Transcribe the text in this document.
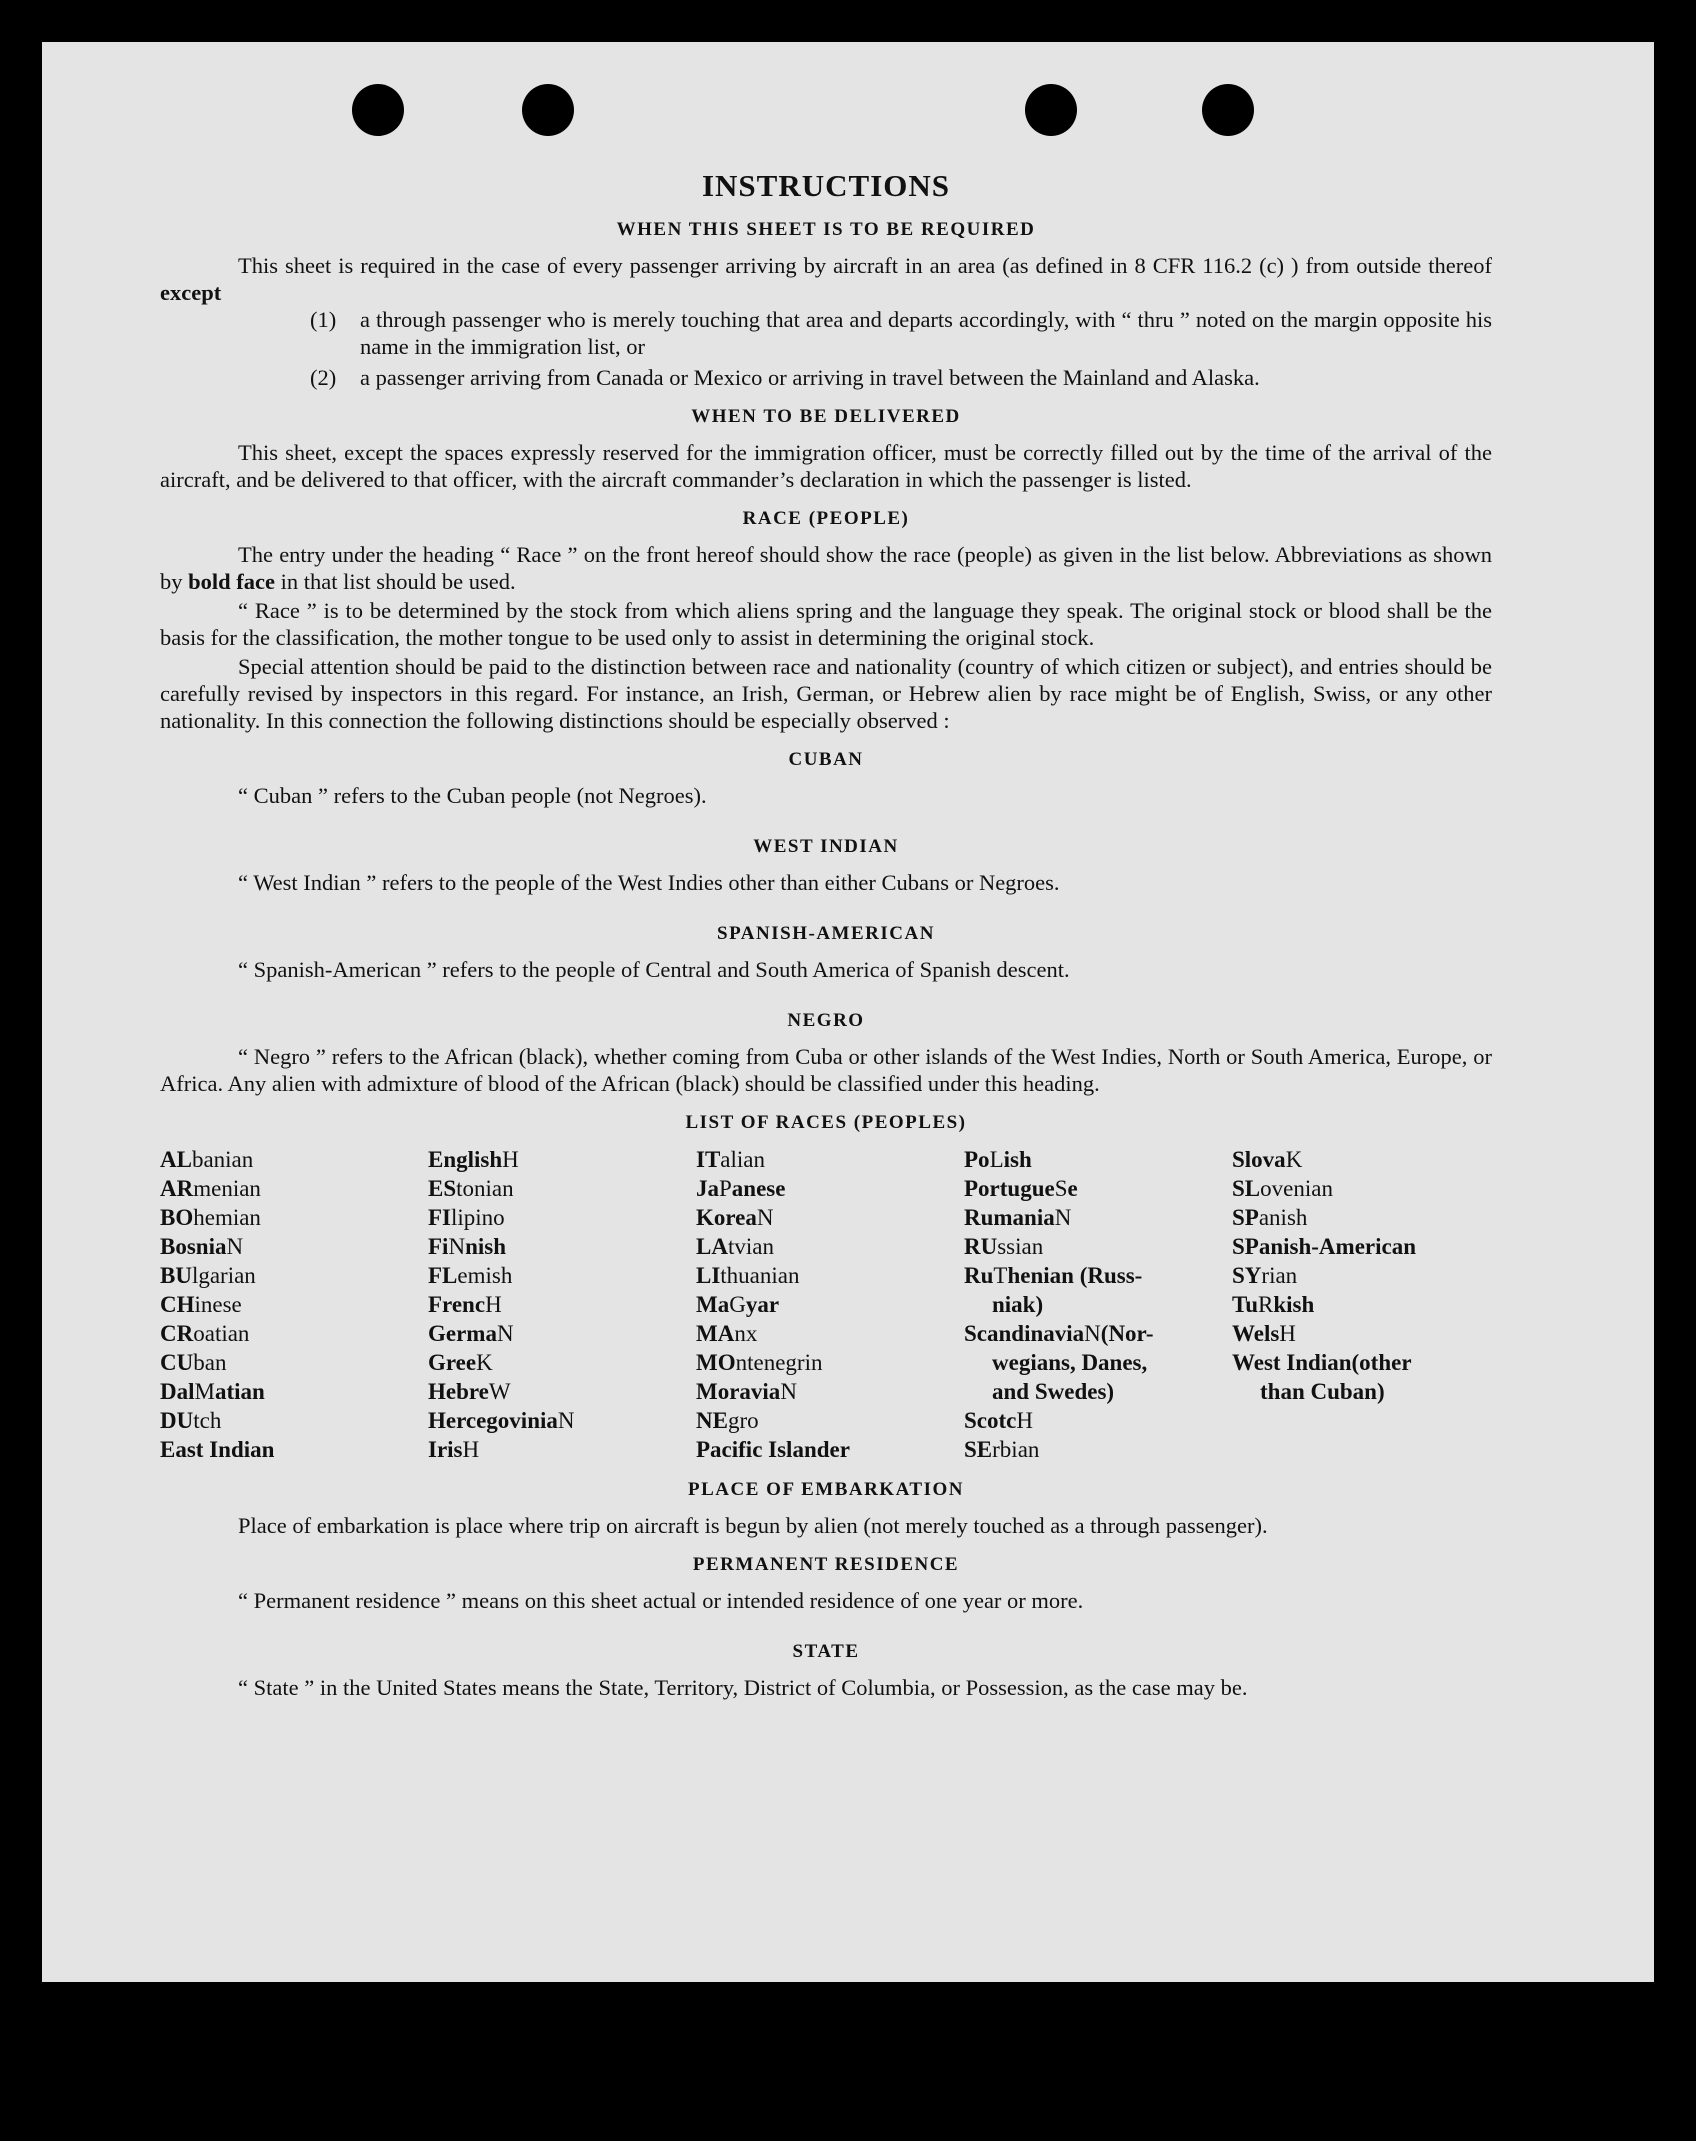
INSTRUCTIONS
WHEN THIS SHEET IS TO BE REQUIRED

This sheet is required in the case of every passenger arriving by aircraft in an area (as defined in 8 CFR 116.2 (c) ) from outside thereof except

(1)	a through passenger who is merely touching that area and departs accordingly, with “ thru ” noted on the margin opposite his name in the immigration list, or
(2)	a passenger arriving from Canada or Mexico or arriving in travel between the Mainland and Alaska.
WHEN TO BE DELIVERED

This sheet, except the spaces expressly reserved for the immigration officer, must be correctly filled out by the time of the arrival of the aircraft, and be delivered to that officer, with the aircraft commander’s declaration in which the passenger is listed.

RACE (PEOPLE)

The entry under the heading “ Race ” on the front hereof should show the race (people) as given in the list below. Abbreviations as shown by bold face in that list should be used.

“ Race ” is to be determined by the stock from which aliens spring and the language they speak. The original stock or blood shall be the basis for the classification, the mother tongue to be used only to assist in determining the original stock.

Special attention should be paid to the distinction between race and nationality (country of which citizen or subject), and entries should be carefully revised by inspectors in this regard. For instance, an Irish, German, or Hebrew alien by race might be of English, Swiss, or any other nationality. In this connection the following distinctions should be especially observed :

CUBAN

“ Cuban ” refers to the Cuban people (not Negroes).

WEST INDIAN

“ West Indian ” refers to the people of the West Indies other than either Cubans or Negroes.

SPANISH-AMERICAN

“ Spanish-American ” refers to the people of Central and South America of Spanish descent.

NEGRO

“ Negro ” refers to the African (black), whether coming from Cuba or other islands of the West Indies, North or South America, Europe, or Africa. Any alien with admixture of blood of the African (black) should be classified under this heading.

LIST OF RACES (PEOPLES)
ALbanian
ARmenian
BOhemian
BosniaN
BUlgarian
CHinese
CRoatian
CUban
DalMatian
DUtch
East Indian
EnglishH
EStonian
FIlipino
FiNnish
FLemish
FrencH
GermaN
GreeK
HebreW
HercegoviniaN
IrisH
ITalian
JaPanese
KoreaN
LAtvian
LIthuanian
MaGyar
MAnx
MOntenegrin
MoraviaN
NEgro
Pacific Islander
PoLish
PortugueSe
RumaniaN
RUssian
RuThenian (Russ-
niak)
ScandinaviaN(Nor-
wegians, Danes,
and Swedes)
ScotcH
SErbian
SlovaK
SLovenian
SPanish
SPanish-American
SYrian
TuRkish
WelsH
West Indian(other
than Cuban)
PLACE OF EMBARKATION

Place of embarkation is place where trip on aircraft is begun by alien (not merely touched as a through passenger).

PERMANENT RESIDENCE

“ Permanent residence ” means on this sheet actual or intended residence of one year or more.

STATE

“ State ” in the United States means the State, Territory, District of Columbia, or Possession, as the case may be.
